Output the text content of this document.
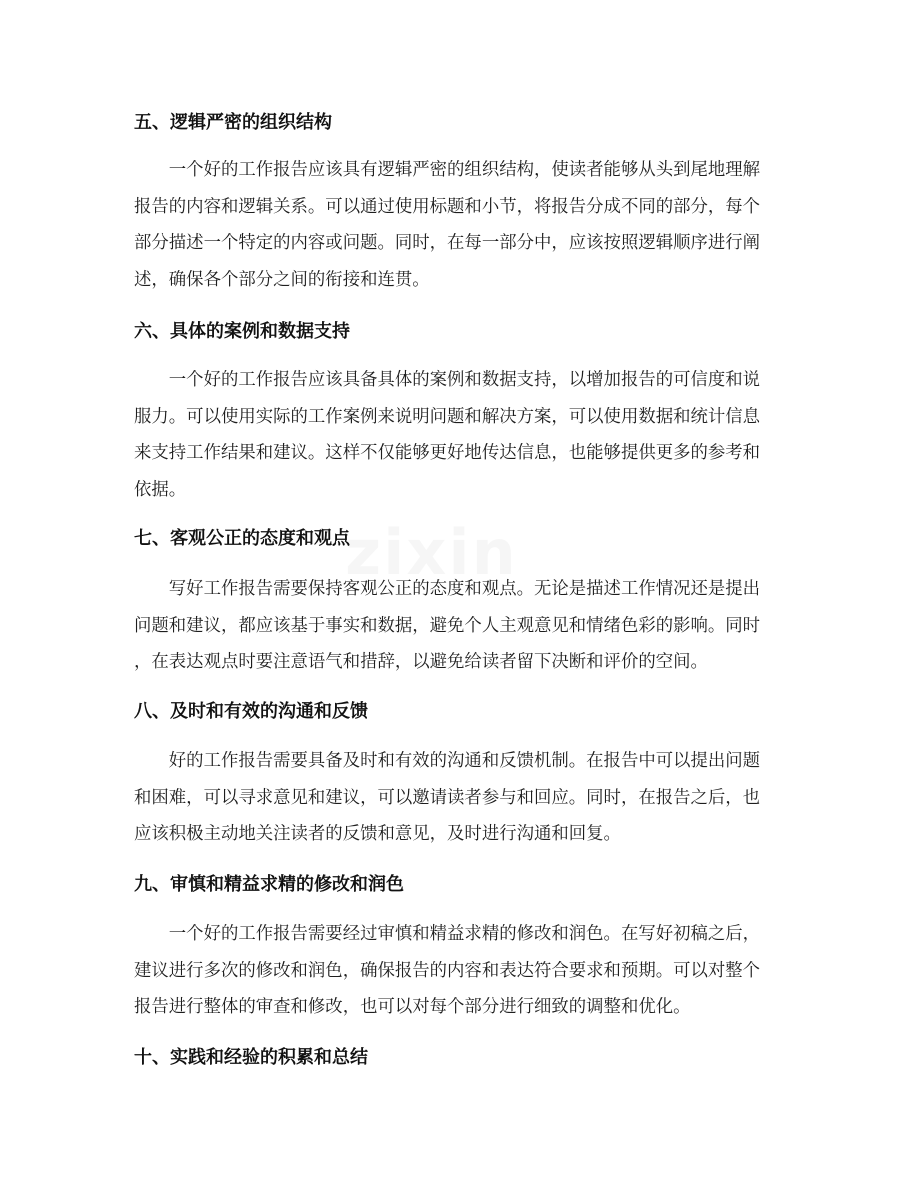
五、逻辑严密的组织结构
　　一个好的工作报告应该具有逻辑严密的组织结构，使读者能够从头到尾地理解
报告的内容和逻辑关系。可以通过使用标题和小节，将报告分成不同的部分，每个
部分描述一个特定的内容或问题。同时，在每一部分中，应该按照逻辑顺序进行阐
述，确保各个部分之间的衔接和连贯。
六、具体的案例和数据支持
　　一个好的工作报告应该具备具体的案例和数据支持，以增加报告的可信度和说
服力。可以使用实际的工作案例来说明问题和解决方案，可以使用数据和统计信息
来支持工作结果和建议。这样不仅能够更好地传达信息，也能够提供更多的参考和
依据。
七、客观公正的态度和观点
　　写好工作报告需要保持客观公正的态度和观点。无论是描述工作情况还是提出
问题和建议，都应该基于事实和数据，避免个人主观意见和情绪色彩的影响。同时
，在表达观点时要注意语气和措辞，以避免给读者留下决断和评价的空间。
八、及时和有效的沟通和反馈
　　好的工作报告需要具备及时和有效的沟通和反馈机制。在报告中可以提出问题
和困难，可以寻求意见和建议，可以邀请读者参与和回应。同时，在报告之后，也
应该积极主动地关注读者的反馈和意见，及时进行沟通和回复。
九、审慎和精益求精的修改和润色
　　一个好的工作报告需要经过审慎和精益求精的修改和润色。在写好初稿之后，
建议进行多次的修改和润色，确保报告的内容和表达符合要求和预期。可以对整个
报告进行整体的审查和修改，也可以对每个部分进行细致的调整和优化。
十、实践和经验的积累和总结
